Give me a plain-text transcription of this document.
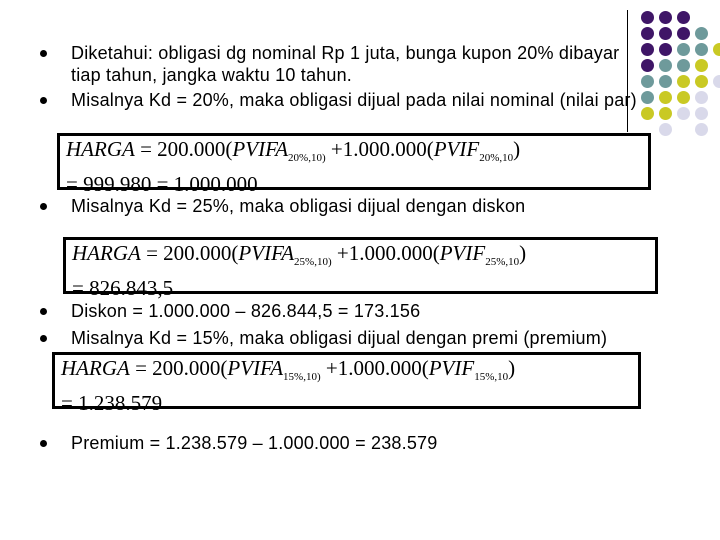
Diketahui: obligasi dg nominal Rp 1 juta, bunga kupon 20% dibayar
tiap tahun, jangka waktu 10 tahun.
Misalnya Kd = 20%, maka obligasi dijual pada nilai nominal (nilai par)
HARGA = $200.000(PVIFA_{20\%,10)}$ $+1.000.000(PVIF_{20\%,10})$
= 999.980 = 1.000.000
Misalnya Kd = 25%, maka obligasi dijual dengan diskon
HARGA = $200.000(PVIFA_{25\%,10)}$ $+1.000.000(PVIF_{25\%,10})$
= 826.843,5
Diskon = 1.000.000 – 826.844,5 = 173.156
Misalnya Kd = 15%, maka obligasi dijual dengan premi (premium)
HARGA = $200.000(PVIFA_{15\%,10)}$ $+1.000.000(PVIF_{15\%,10})$
= 1.238.579
Premium = 1.238.579 – 1.000.000 = 238.579
